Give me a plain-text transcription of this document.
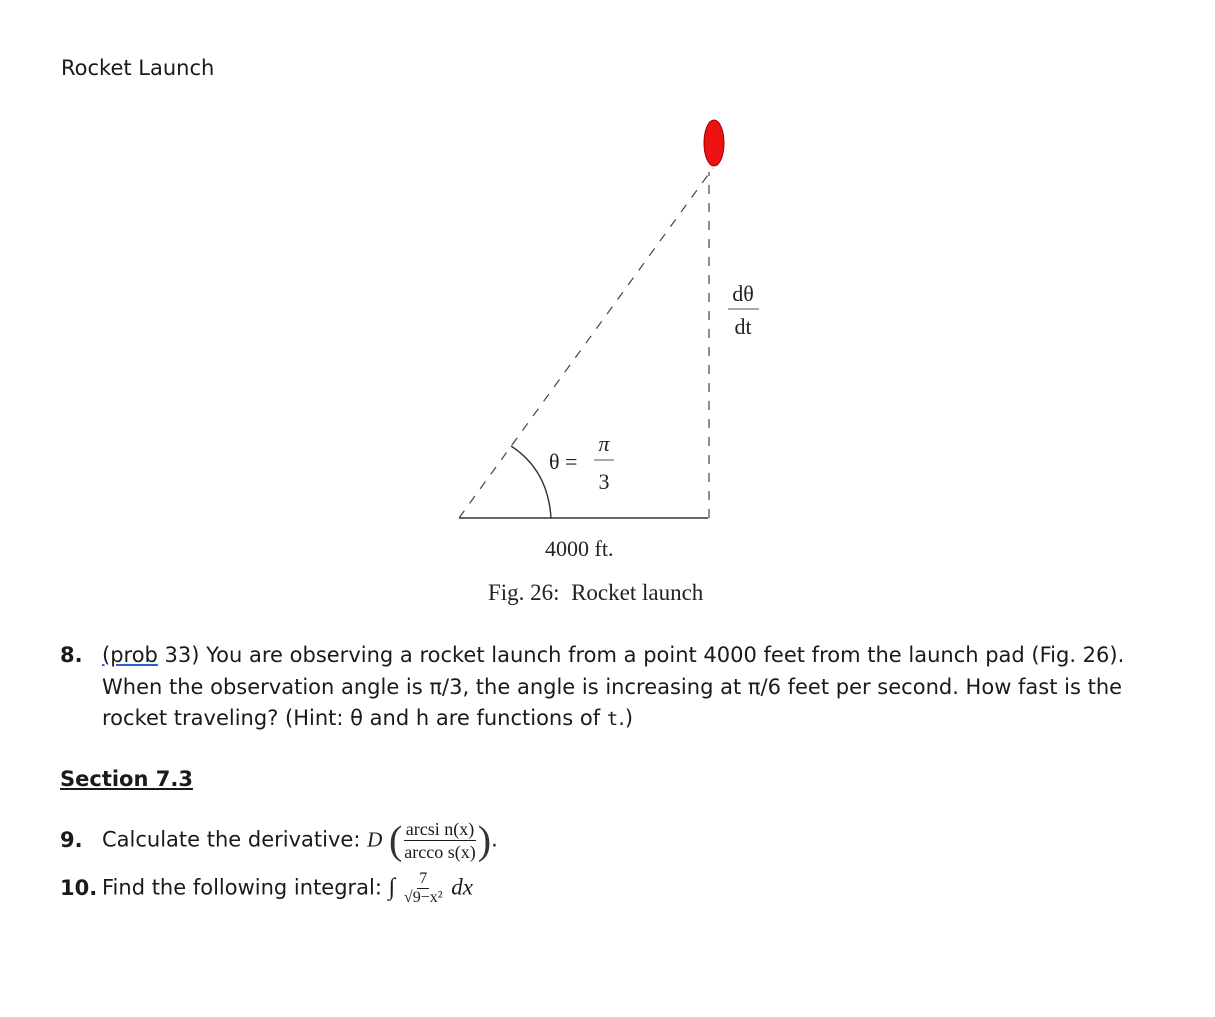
Rocket Launch
dθ
dt
θ =
π
3
4000 ft.
Fig. 26: Rocket launch
8. (prob 33) You are observing a rocket launch from a point 4000 feet from the launch pad (Fig. 26).
When the observation angle is π/3, the angle is increasing at π/6 feet per second. How fast is the
rocket traveling? (Hint: θ and h are functions of t.)
Section 7.3
9. Calculate the derivative: D ( $\frac{\text{arcsi n(x)}}{\text{arcco s(x)}}$ ).
10. Find the following integral: ∫ $\frac{7}{\text{√9−x²}}$ dx
